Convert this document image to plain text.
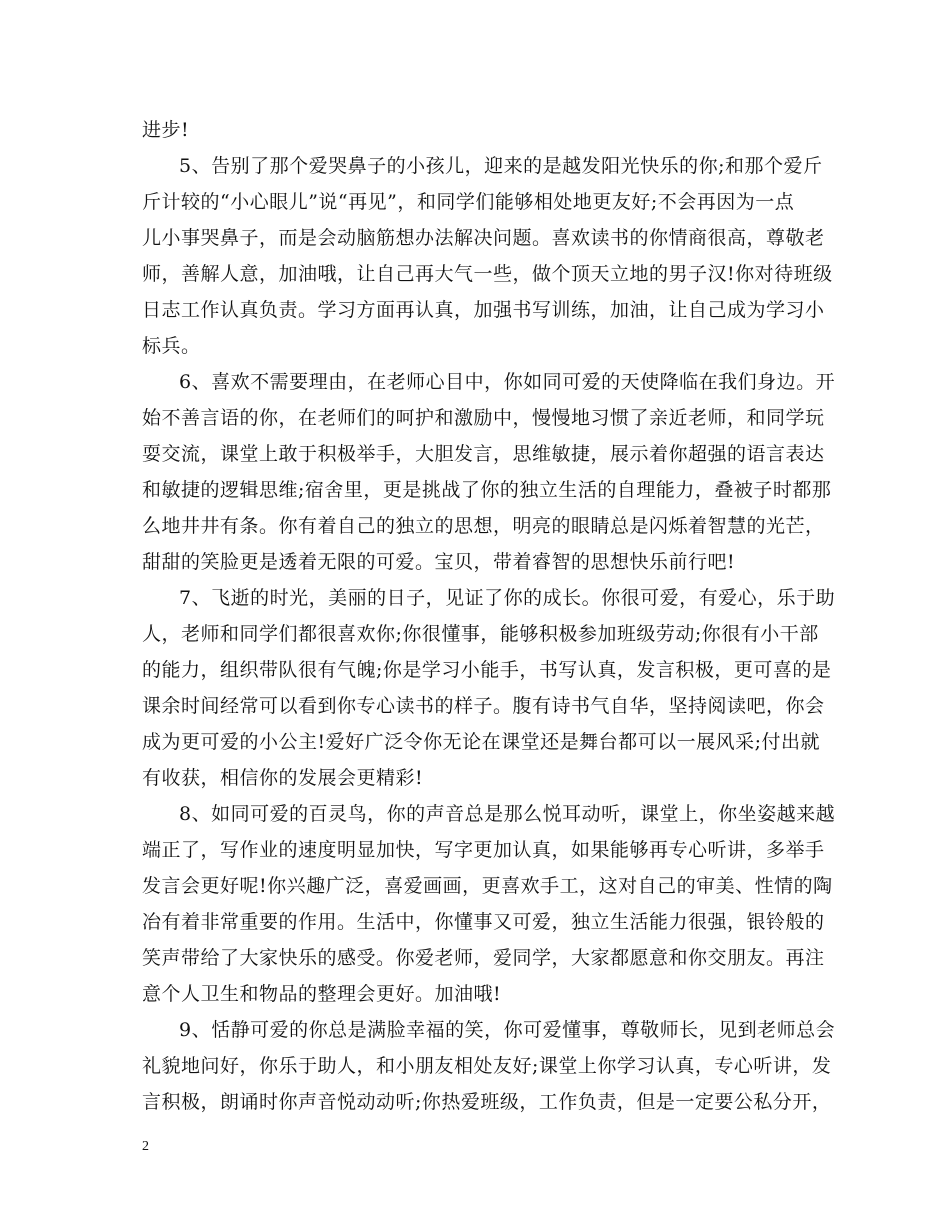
进步!
5、告别了那个爱哭鼻子的小孩儿，迎来的是越发阳光快乐的你;和那个爱斤
斤计较的“小心眼儿”说“再见”，和同学们能够相处地更友好;不会再因为一点
儿小事哭鼻子，而是会动脑筋想办法解决问题。喜欢读书的你情商很高，尊敬老
师，善解人意，加油哦，让自己再大气一些，做个顶天立地的男子汉!你对待班级
日志工作认真负责。学习方面再认真，加强书写训练，加油，让自己成为学习小
标兵。
6、喜欢不需要理由，在老师心目中，你如同可爱的天使降临在我们身边。开
始不善言语的你，在老师们的呵护和激励中，慢慢地习惯了亲近老师，和同学玩
耍交流，课堂上敢于积极举手，大胆发言，思维敏捷，展示着你超强的语言表达
和敏捷的逻辑思维;宿舍里，更是挑战了你的独立生活的自理能力，叠被子时都那
么地井井有条。你有着自己的独立的思想，明亮的眼睛总是闪烁着智慧的光芒，
甜甜的笑脸更是透着无限的可爱。宝贝，带着睿智的思想快乐前行吧!
7、飞逝的时光，美丽的日子，见证了你的成长。你很可爱，有爱心，乐于助
人，老师和同学们都很喜欢你;你很懂事，能够积极参加班级劳动;你很有小干部
的能力，组织带队很有气魄;你是学习小能手，书写认真，发言积极，更可喜的是
课余时间经常可以看到你专心读书的样子。腹有诗书气自华，坚持阅读吧，你会
成为更可爱的小公主!爱好广泛令你无论在课堂还是舞台都可以一展风采;付出就
有收获，相信你的发展会更精彩!
8、如同可爱的百灵鸟，你的声音总是那么悦耳动听，课堂上，你坐姿越来越
端正了，写作业的速度明显加快，写字更加认真，如果能够再专心听讲，多举手
发言会更好呢!你兴趣广泛，喜爱画画，更喜欢手工，这对自己的审美、性情的陶
冶有着非常重要的作用。生活中，你懂事又可爱，独立生活能力很强，银铃般的
笑声带给了大家快乐的感受。你爱老师，爱同学，大家都愿意和你交朋友。再注
意个人卫生和物品的整理会更好。加油哦!
9、恬静可爱的你总是满脸幸福的笑，你可爱懂事，尊敬师长，见到老师总会
礼貌地问好，你乐于助人，和小朋友相处友好;课堂上你学习认真，专心听讲，发
言积极，朗诵时你声音悦动动听;你热爱班级，工作负责，但是一定要公私分开，
2
